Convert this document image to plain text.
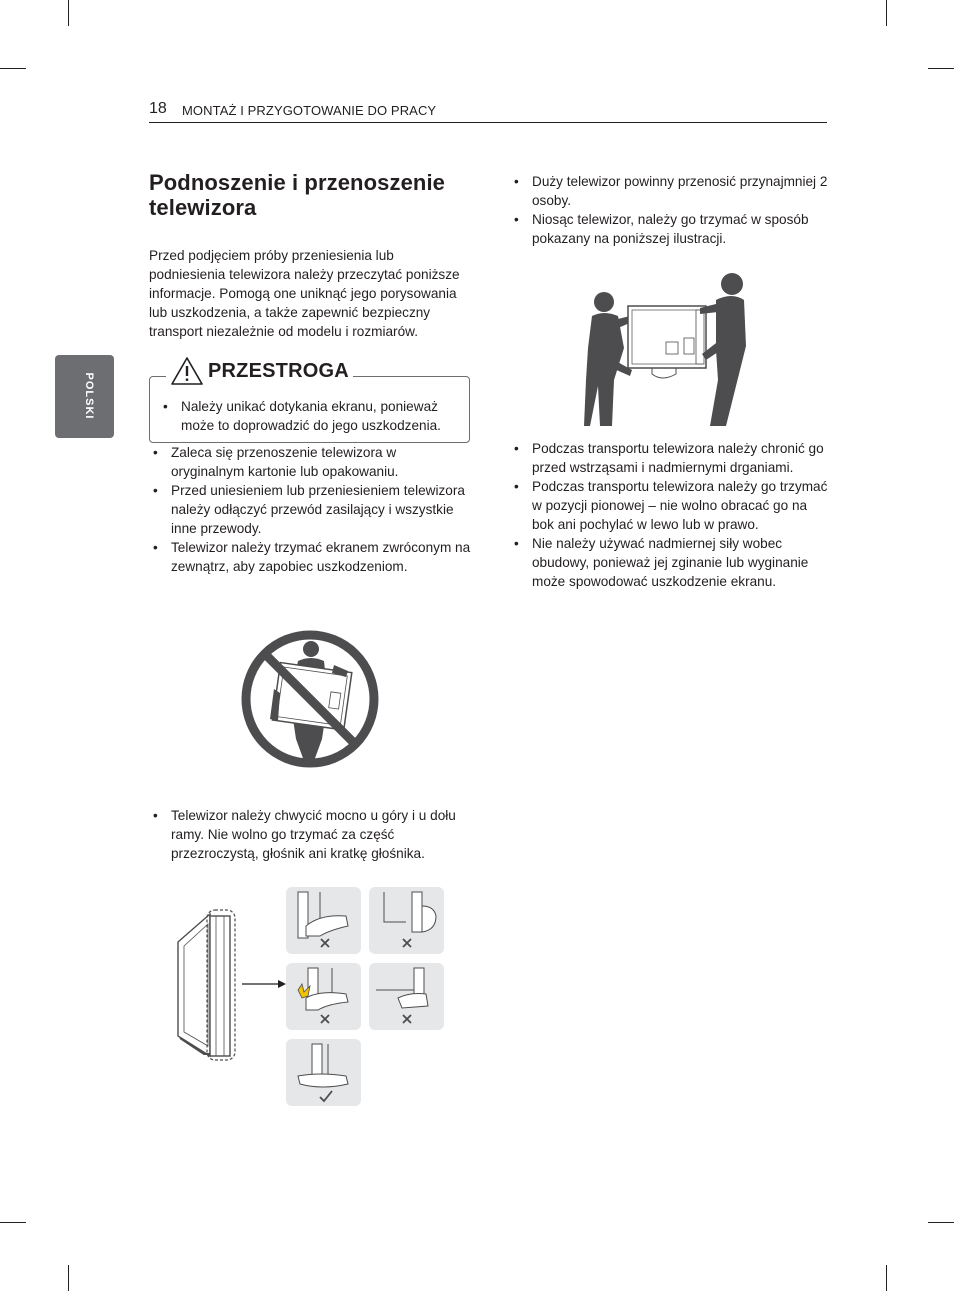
18 MONTAŻ I PRZYGOTOWANIE DO PRACY
POLSKI
Podnoszenie i przenoszenie telewizora

Przed podjęciem próby przeniesienia lub podniesienia telewizora należy przeczytać poniższe informacje. Pomogą one uniknąć jego porysowania lub uszkodzenia, a także zapewnić bezpieczny transport niezależnie od modelu i rozmiarów.

PRZESTROGA
• Należy unikać dotykania ekranu, ponieważ może to doprowadzić do jego uszkodzenia.
• Zaleca się przenoszenie telewizora w oryginalnym kartonie lub opakowaniu.
• Przed uniesieniem lub przeniesieniem telewizora należy odłączyć przewód zasilający i wszystkie inne przewody.
• Telewizor należy trzymać ekranem zwróconym na zewnątrz, aby zapobiec uszkodzeniom.
• Telewizor należy chwycić mocno u góry i u dołu ramy. Nie wolno go trzymać za część przezroczystą, głośnik ani kratkę głośnika.
• Duży telewizor powinny przenosić przynajmniej 2 osoby.
• Niosąc telewizor, należy go trzymać w sposób pokazany na poniższej ilustracji.
• Podczas transportu telewizora należy chronić go przed wstrząsami i nadmiernymi drganiami.
• Podczas transportu telewizora należy go trzymać w pozycji pionowej – nie wolno obracać go na bok ani pochylać w lewo lub w prawo.
• Nie należy używać nadmiernej siły wobec obudowy, ponieważ jej zginanie lub wyginanie może spowodować uszkodzenie ekranu.
